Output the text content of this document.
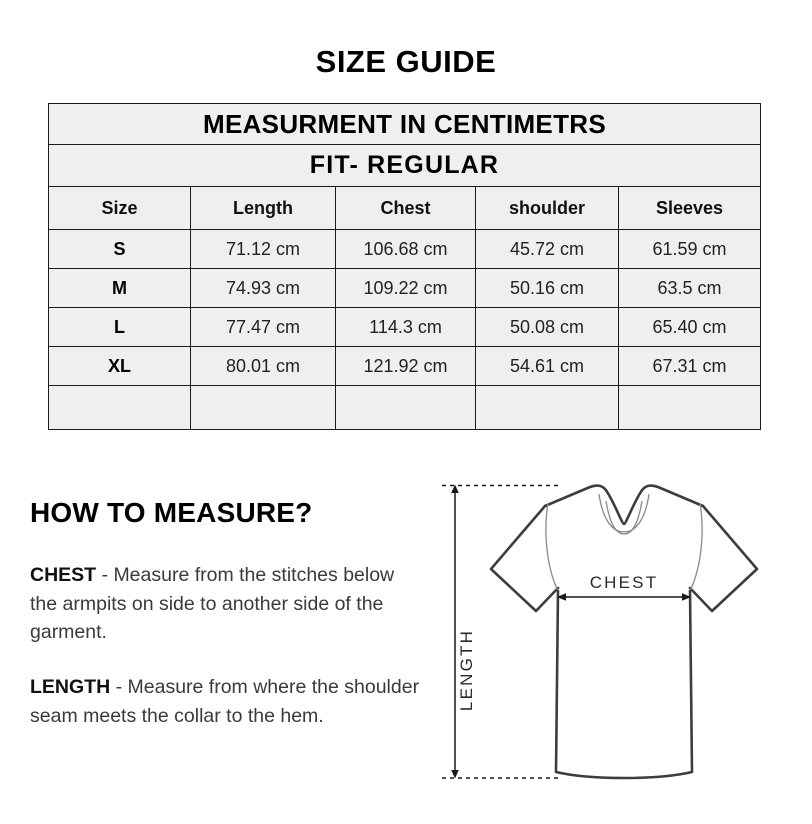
SIZE GUIDE
MEASURMENT IN CENTIMETRS				
FIT- REGULAR				
Size	Length	Chest	shoulder	Sleeves
S	71.12 cm	106.68 cm	45.72 cm	61.59 cm
M	74.93 cm	109.22 cm	50.16 cm	63.5 cm
L	77.47 cm	114.3 cm	50.08 cm	65.40 cm
XL	80.01 cm	121.92 cm	54.61 cm	67.31 cm

HOW TO MEASURE?

CHEST - Measure from the stitches below the armpits on side to another side of the garment.

LENGTH - Measure from where the shoulder seam meets the collar to the hem.

LENGTH
CHEST
